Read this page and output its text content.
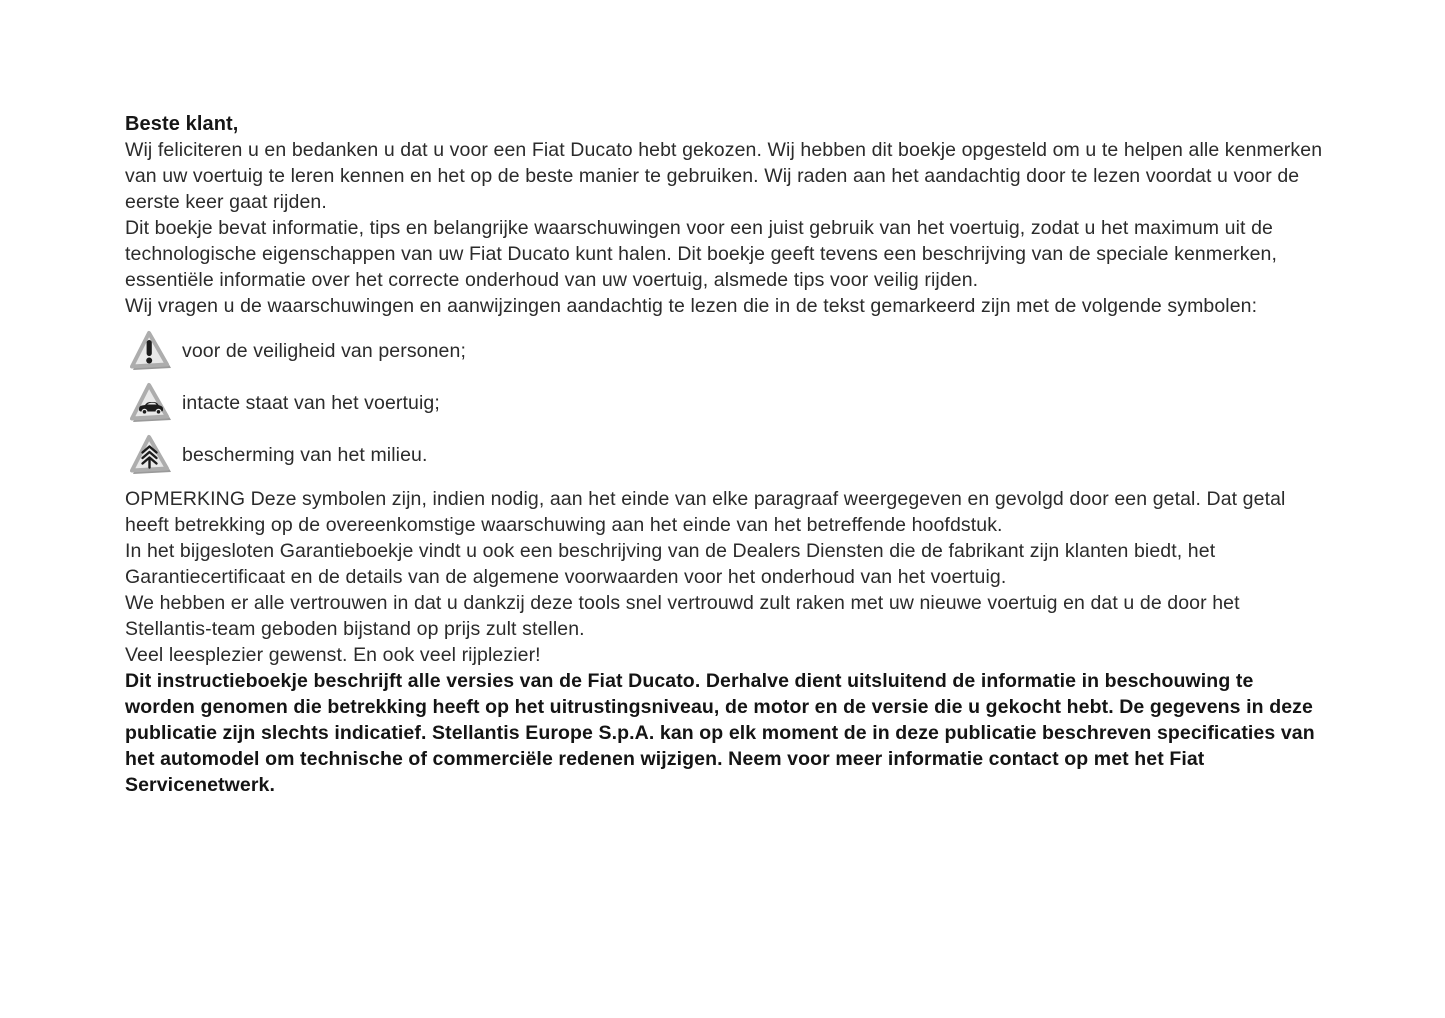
Beste klant,

Wij feliciteren u en bedanken u dat u voor een Fiat Ducato hebt gekozen. Wij hebben dit boekje opgesteld om u te helpen alle kenmerken van uw voertuig te leren kennen en het op de beste manier te gebruiken. Wij raden aan het aandachtig door te lezen voordat u voor de eerste keer gaat rijden.

Dit boekje bevat informatie, tips en belangrijke waarschuwingen voor een juist gebruik van het voertuig, zodat u het maximum uit de technologische eigenschappen van uw Fiat Ducato kunt halen. Dit boekje geeft tevens een beschrijving van de speciale kenmerken, essentiële informatie over het correcte onderhoud van uw voertuig, alsmede tips voor veilig rijden.

Wij vragen u de waarschuwingen en aanwijzingen aandachtig te lezen die in de tekst gemarkeerd zijn met de volgende symbolen:

voor de veiligheid van personen;
intacte staat van het voertuig;
bescherming van het milieu.

OPMERKING Deze symbolen zijn, indien nodig, aan het einde van elke paragraaf weergegeven en gevolgd door een getal. Dat getal heeft betrekking op de overeenkomstige waarschuwing aan het einde van het betreffende hoofdstuk.

In het bijgesloten Garantieboekje vindt u ook een beschrijving van de Dealers Diensten die de fabrikant zijn klanten biedt, het Garantiecertificaat en de details van de algemene voorwaarden voor het onderhoud van het voertuig.

We hebben er alle vertrouwen in dat u dankzij deze tools snel vertrouwd zult raken met uw nieuwe voertuig en dat u de door het Stellantis-team geboden bijstand op prijs zult stellen.

Veel leesplezier gewenst. En ook veel rijplezier!

Dit instructieboekje beschrijft alle versies van de Fiat Ducato. Derhalve dient uitsluitend de informatie in beschouwing te worden genomen die betrekking heeft op het uitrustingsniveau, de motor en de versie die u gekocht hebt. De gegevens in deze publicatie zijn slechts indicatief. Stellantis Europe S.p.A. kan op elk moment de in deze publicatie beschreven specificaties van het automodel om technische of commerciële redenen wijzigen. Neem voor meer informatie contact op met het Fiat Servicenetwerk.
